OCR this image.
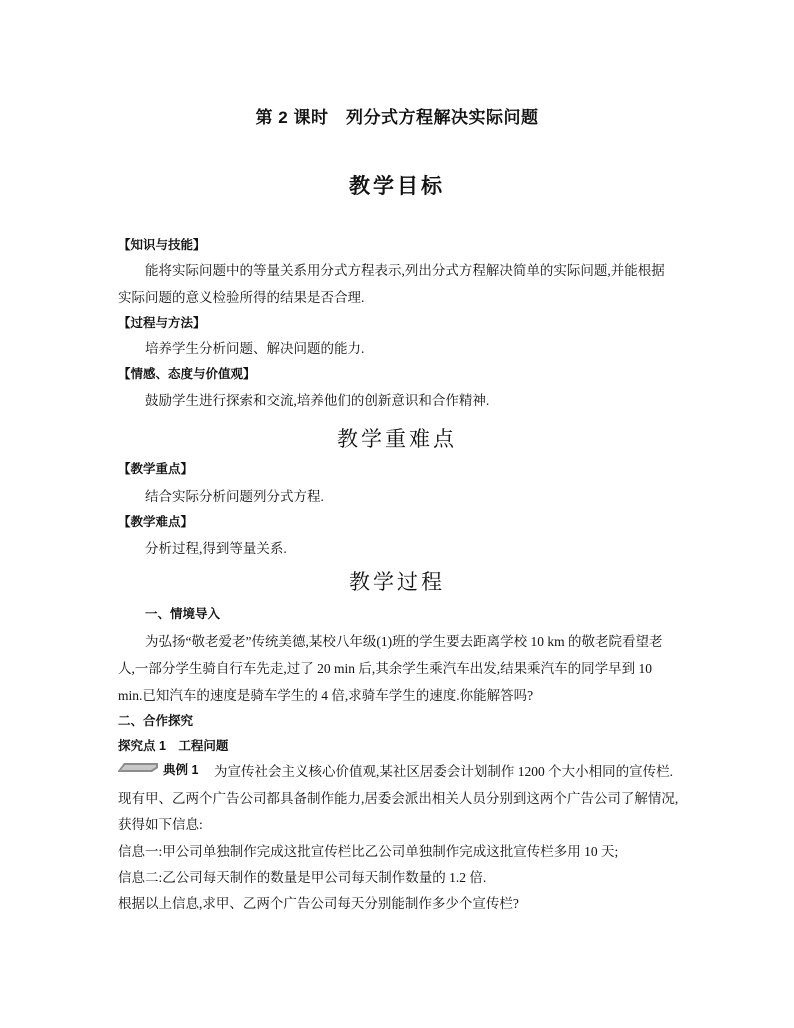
第 2 课时　列分式方程解决实际问题
教学目标
【知识与技能】
能将实际问题中的等量关系用分式方程表示,列出分式方程解决简单的实际问题,并能根据
实际问题的意义检验所得的结果是否合理.
【过程与方法】
培养学生分析问题、解决问题的能力.
【情感、态度与价值观】
鼓励学生进行探索和交流,培养他们的创新意识和合作精神.
教学重难点
【教学重点】
结合实际分析问题列分式方程.
【教学难点】
分析过程,得到等量关系.
教学过程
一、情境导入
为弘扬“敬老爱老”传统美德,某校八年级(1)班的学生要去距离学校 10 km 的敬老院看望老
人,一部分学生骑自行车先走,过了 20 min 后,其余学生乘汽车出发,结果乘汽车的同学早到 10
min.已知汽车的速度是骑车学生的 4 倍,求骑车学生的速度.你能解答吗?
二、合作探究
探究点 1　工程问题
典例 1 为宣传社会主义核心价值观,某社区居委会计划制作 1200 个大小相同的宣传栏.
现有甲、乙两个广告公司都具备制作能力,居委会派出相关人员分别到这两个广告公司了解情况,
获得如下信息:
信息一:甲公司单独制作完成这批宣传栏比乙公司单独制作完成这批宣传栏多用 10 天;
信息二:乙公司每天制作的数量是甲公司每天制作数量的 1.2 倍.
根据以上信息,求甲、乙两个广告公司每天分别能制作多少个宣传栏?
